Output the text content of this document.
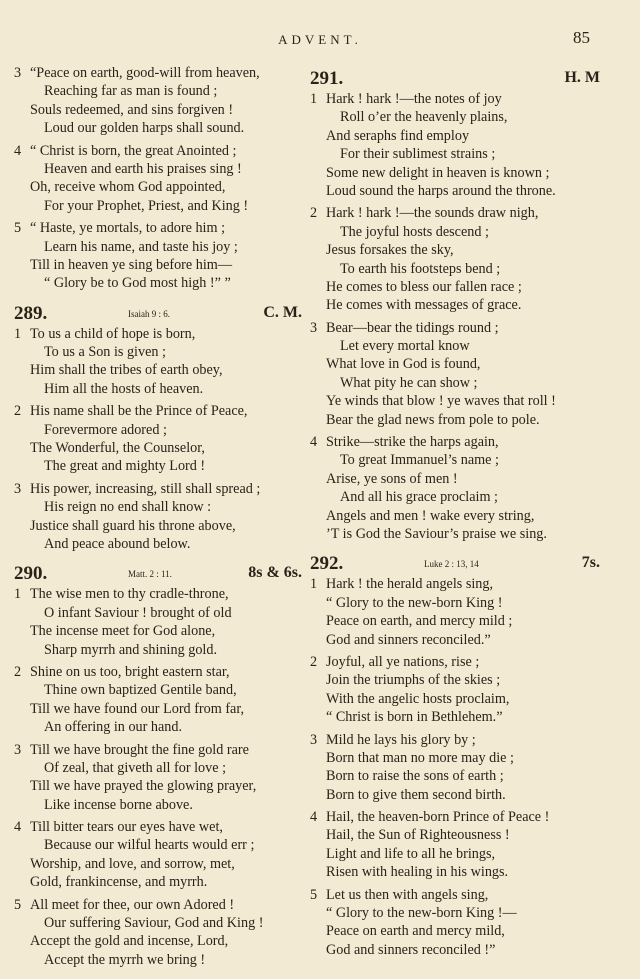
ADVENT.	85
3 “Peace on earth, good-will from heaven,
Reaching far as man is found ;
Souls redeemed, and sins forgiven !
Loud our golden harps shall sound.
4 “ Christ is born, the great Anointed ;
Heaven and earth his praises sing !
Oh, receive whom God appointed,
For your Prophet, Priest, and King !
5 “ Haste, ye mortals, to adore him ;
Learn his name, and taste his joy ;
Till in heaven ye sing before him—
“ Glory be to God most high !” ”
289.	Isaiah 9 : 6.	C. M.
1 To us a child of hope is born,
To us a Son is given ;
Him shall the tribes of earth obey,
Him all the hosts of heaven.
2 His name shall be the Prince of Peace,
Forevermore adored ;
The Wonderful, the Counselor,
The great and mighty Lord !
3 His power, increasing, still shall spread ;
His reign no end shall know :
Justice shall guard his throne above,
And peace abound below.
290.	Matt. 2 : 11.	8s & 6s.
1 The wise men to thy cradle-throne,
O infant Saviour ! brought of old
The incense meet for God alone,
Sharp myrrh and shining gold.
2 Shine on us too, bright eastern star,
Thine own baptized Gentile band,
Till we have found our Lord from far,
An offering in our hand.
3 Till we have brought the fine gold rare
Of zeal, that giveth all for love ;
Till we have prayed the glowing prayer,
Like incense borne above.
4 Till bitter tears our eyes have wet,
Because our wilful hearts would err ;
Worship, and love, and sorrow, met,
Gold, frankincense, and myrrh.
5 All meet for thee, our own Adored !
Our suffering Saviour, God and King !
Accept the gold and incense, Lord,
Accept the myrrh we bring !
291.	H. M
1 Hark ! hark !—the notes of joy
Roll o’er the heavenly plains,
And seraphs find employ
For their sublimest strains ;
Some new delight in heaven is known ;
Loud sound the harps around the throne.
2 Hark ! hark !—the sounds draw nigh,
The joyful hosts descend ;
Jesus forsakes the sky,
To earth his footsteps bend ;
He comes to bless our fallen race ;
He comes with messages of grace.
3 Bear—bear the tidings round ;
Let every mortal know
What love in God is found,
What pity he can show ;
Ye winds that blow ! ye waves that roll !
Bear the glad news from pole to pole.
4 Strike—strike the harps again,
To great Immanuel’s name ;
Arise, ye sons of men !
And all his grace proclaim ;
Angels and men ! wake every string,
’T is God the Saviour’s praise we sing.
292.	Luke 2 : 13, 14	7s.
1 Hark ! the herald angels sing,
“ Glory to the new-born King !
Peace on earth, and mercy mild ;
God and sinners reconciled.”
2 Joyful, all ye nations, rise ;
Join the triumphs of the skies ;
With the angelic hosts proclaim,
“ Christ is born in Bethlehem.”
3 Mild he lays his glory by ;
Born that man no more may die ;
Born to raise the sons of earth ;
Born to give them second birth.
4 Hail, the heaven-born Prince of Peace !
Hail, the Sun of Righteousness !
Light and life to all he brings,
Risen with healing in his wings.
5 Let us then with angels sing,
“ Glory to the new-born King !—
Peace on earth and mercy mild,
God and sinners reconciled !”
